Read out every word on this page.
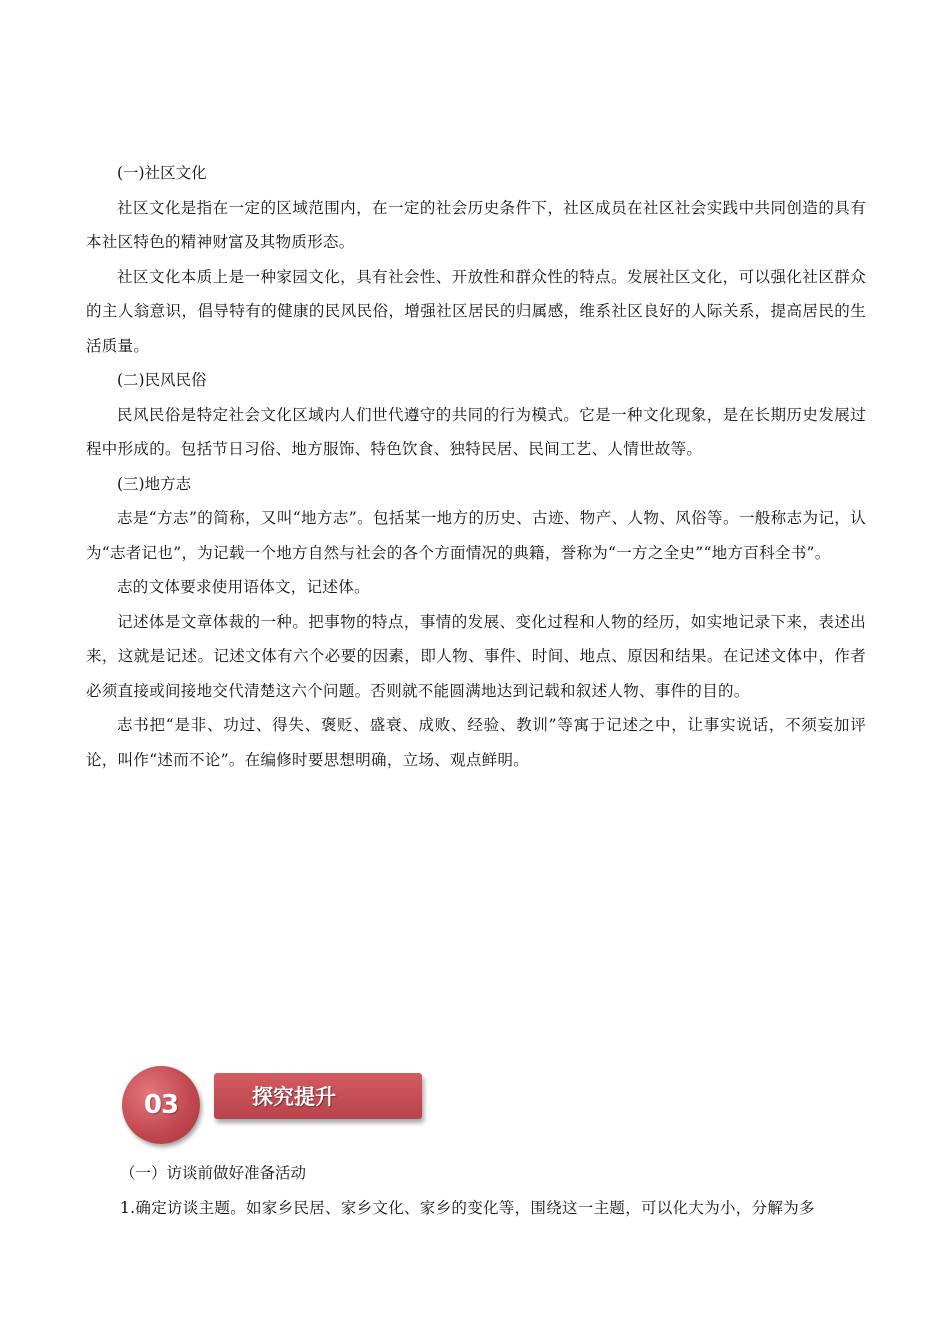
(一)社区文化

社区文化是指在一定的区域范围内，在一定的社会历史条件下，社区成员在社区社会实践中共同创造的具有本社区特色的精神财富及其物质形态。

社区文化本质上是一种家园文化，具有社会性、开放性和群众性的特点。发展社区文化，可以强化社区群众的主人翁意识，倡导特有的健康的民风民俗，增强社区居民的归属感，维系社区良好的人际关系，提高居民的生活质量。

(二)民风民俗

民风民俗是特定社会文化区域内人们世代遵守的共同的行为模式。它是一种文化现象，是在长期历史发展过程中形成的。包括节日习俗、地方服饰、特色饮食、独特民居、民间工艺、人情世故等。

(三)地方志

志是“方志”的简称，又叫“地方志”。包括某一地方的历史、古迹、物产、人物、风俗等。一般称志为记，认为“志者记也”，为记载一个地方自然与社会的各个方面情况的典籍，誉称为“一方之全史”“地方百科全书”。

志的文体要求使用语体文，记述体。

记述体是文章体裁的一种。把事物的特点，事情的发展、变化过程和人物的经历，如实地记录下来，表述出来，这就是记述。记述文体有六个必要的因素，即人物、事件、时间、地点、原因和结果。在记述文体中，作者必须直接或间接地交代清楚这六个问题。否则就不能圆满地达到记载和叙述人物、事件的目的。

志书把“是非、功过、得失、褒贬、盛衰、成败、经验、教训”等寓于记述之中，让事实说话，不须妄加评论，叫作“述而不论”。在编修时要思想明确，立场、观点鲜明。

探究提升
03

（一）访谈前做好准备活动

1.确定访谈主题。如家乡民居、家乡文化、家乡的变化等，围绕这一主题，可以化大为小，分解为多
